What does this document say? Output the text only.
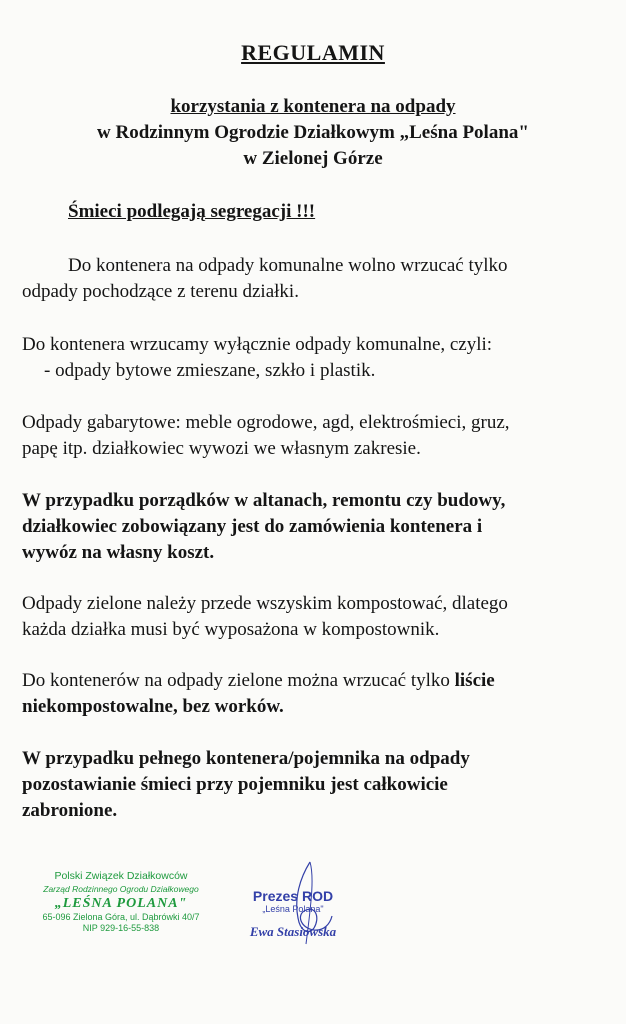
REGULAMIN
korzystania z kontenera na odpady
w Rodzinnym Ogrodzie Działkowym „Leśna Polana"
w Zielonej Górze
Śmieci podlegają segregacji !!!

Do kontenera na odpady komunalne wolno wrzucać tylko
odpady pochodzące z terenu działki.

Do kontenera wrzucamy wyłącznie odpady komunalne, czyli:
- odpady bytowe zmieszane, szkło i plastik.

Odpady gabarytowe: meble ogrodowe, agd, elektrośmieci, gruz,
papę itp. działkowiec wywozi we własnym zakresie.

W przypadku porządków w altanach, remontu czy budowy,
działkowiec zobowiązany jest do zamówienia kontenera i
wywóz na własny koszt.

Odpady zielone należy przede wszyskim kompostować, dlatego
każda działka musi być wyposażona w kompostownik.

Do kontenerów na odpady zielone można wrzucać tylko liście
niekompostowalne, bez worków.

W przypadku pełnego kontenera/pojemnika na odpady
pozostawianie śmieci przy pojemniku jest całkowicie
zabronione.

Polski Związek Działkowców
Zarząd Rodzinnego Ogrodu Działkowego
„LEŚNA POLANA"
65-096 Zielona Góra, ul. Dąbrówki 40/7
NIP 929-16-55-838
Prezes ROD
„Leśna Polana"
Ewa Stasiowska
